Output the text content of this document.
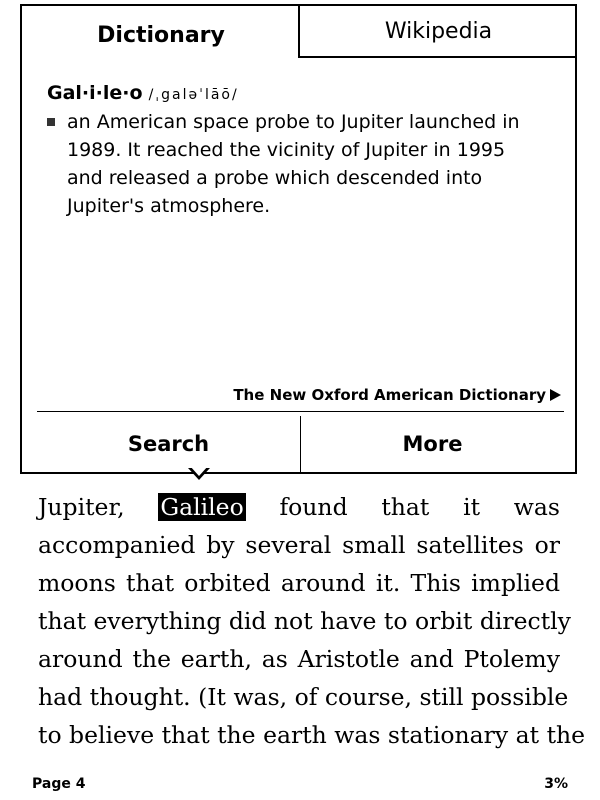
Jupiter, Galileo found that it was
accompanied by several small satellites or
moons that orbited around it. This implied
that everything did not have to orbit directly
around the earth, as Aristotle and Ptolemy
had thought. (It was, of course, still possible
to believe that the earth was stationary at the
Dictionary	Wikipedia
Gal·i·le·o /ˌgaləˈlāō/
an American space probe to Jupiter launched in
1989. It reached the vicinity of Jupiter in 1995
and released a probe which descended into
Jupiter's atmosphere.
The New Oxford American Dictionary
Search	More
Page 4	3%
